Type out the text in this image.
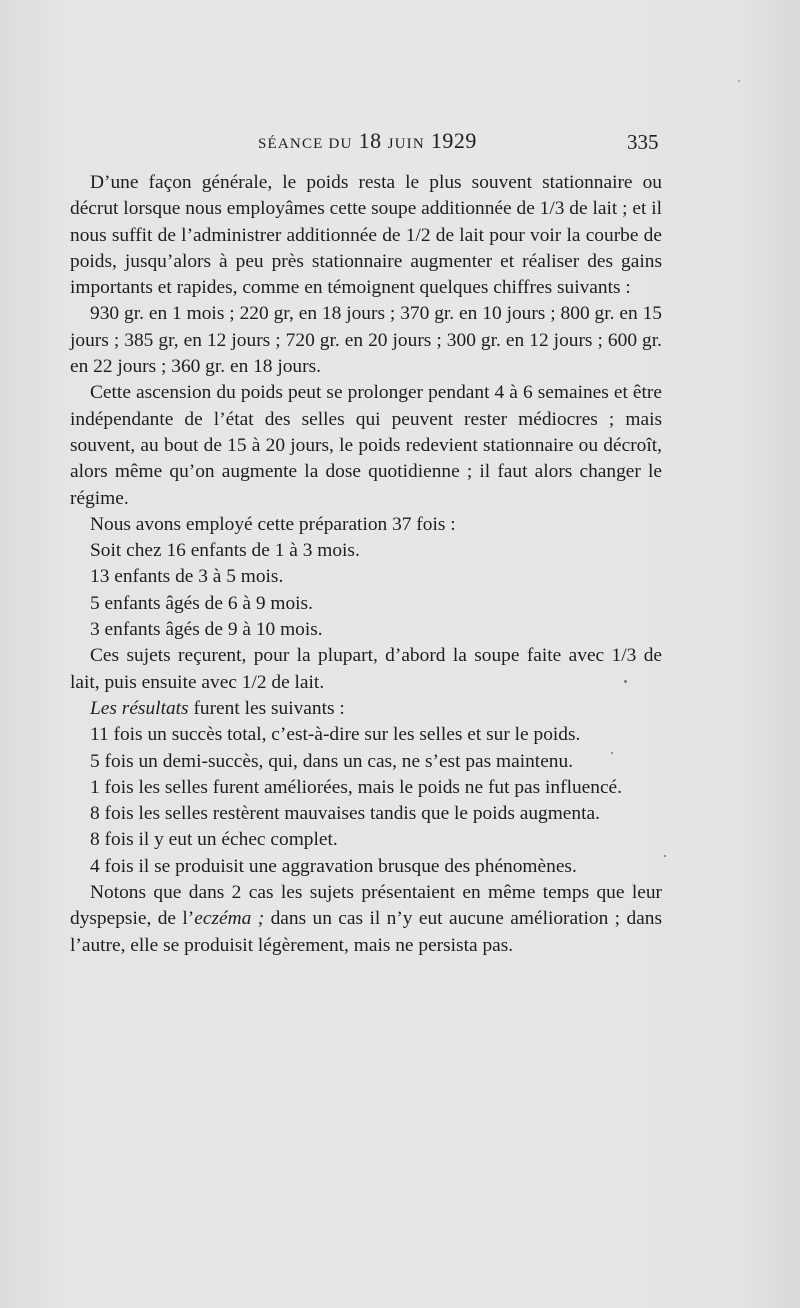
SÉANCE DU 18 JUIN 1929	335

D’une façon générale, le poids resta le plus souvent stationnaire ou décrut lorsque nous employâmes cette soupe additionnée de 1/3 de lait ; et il nous suffit de l’administrer additionnée de 1/2 de lait pour voir la courbe de poids, jusqu’alors à peu près stationnaire augmenter et réaliser des gains importants et rapides, comme en témoignent quelques chiffres suivants :

930 gr. en 1 mois ; 220 gr, en 18 jours ; 370 gr. en 10 jours ; 800 gr. en 15 jours ; 385 gr, en 12 jours ; 720 gr. en 20 jours ; 300 gr. en 12 jours ; 600 gr. en 22 jours ; 360 gr. en 18 jours.

Cette ascension du poids peut se prolonger pendant 4 à 6 semaines et être indépendante de l’état des selles qui peuvent rester médiocres ; mais souvent, au bout de 15 à 20 jours, le poids redevient stationnaire ou décroît, alors même qu’on augmente la dose quotidienne ; il faut alors changer le régime.

Nous avons employé cette préparation 37 fois :

Soit chez 16 enfants de 1 à 3 mois.

13 enfants de 3 à 5 mois.

5 enfants âgés de 6 à 9 mois.

3 enfants âgés de 9 à 10 mois.

Ces sujets reçurent, pour la plupart, d’abord la soupe faite avec 1/3 de lait, puis ensuite avec 1/2 de lait.

Les résultats furent les suivants :

11 fois un succès total, c’est-à-dire sur les selles et sur le poids.

5 fois un demi-succès, qui, dans un cas, ne s’est pas maintenu.

1 fois les selles furent améliorées, mais le poids ne fut pas influencé.

8 fois les selles restèrent mauvaises tandis que le poids augmenta.

8 fois il y eut un échec complet.

4 fois il se produisit une aggravation brusque des phénomènes.

Notons que dans 2 cas les sujets présentaient en même temps que leur dyspepsie, de l’eczéma ; dans un cas il n’y eut aucune amélioration ; dans l’autre, elle se produisit légèrement, mais ne persista pas.
